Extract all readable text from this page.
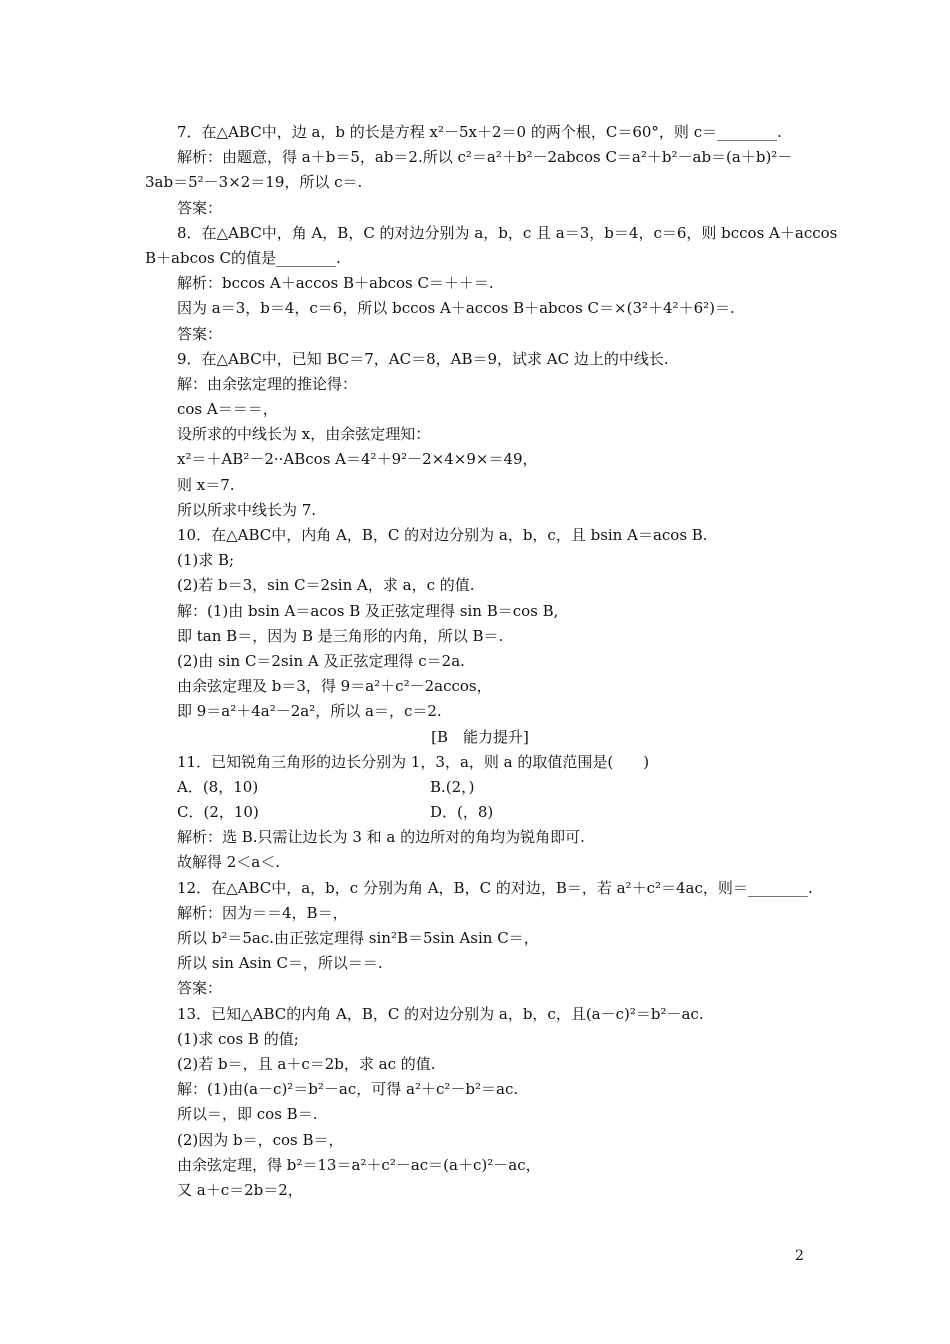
7．在△ABC中，边 a，b 的长是方程 x²－5x＋2＝0 的两个根，C＝60°，则 c＝________.
解析：由题意，得 a＋b＝5，ab＝2.所以 c²＝a²＋b²－2abcos C＝a²＋b²－ab＝(a＋b)²－
3ab＝5²－3×2＝19，所以 c＝.
答案：
8．在△ABC中，角 A，B，C 的对边分别为 a，b，c 且 a＝3，b＝4，c＝6，则 bccos A＋accos
B＋abcos C的值是________.
解析：bccos A＋accos B＋abcos C＝＋＋＝.
因为 a＝3，b＝4，c＝6，所以 bccos A＋accos B＋abcos C＝×(3²＋4²＋6²)＝.
答案：
9．在△ABC中，已知 BC＝7，AC＝8，AB＝9，试求 AC 边上的中线长.
解：由余弦定理的推论得：
cos A＝＝＝，
设所求的中线长为 x，由余弦定理知：
x²＝＋AB²－2··ABcos A＝4²＋9²－2×4×9×＝49，
则 x＝7.
所以所求中线长为 7.
10．在△ABC中，内角 A，B，C 的对边分别为 a，b，c，且 bsin A＝acos B.
(1)求 B;
(2)若 b＝3，sin C＝2sin A，求 a，c 的值.
解：(1)由 bsin A＝acos B 及正弦定理得 sin B＝cos B,
即 tan B＝，因为 B 是三角形的内角，所以 B＝.
(2)由 sin C＝2sin A 及正弦定理得 c＝2a.
由余弦定理及 b＝3，得 9＝a²＋c²－2accos，
即 9＝a²＋4a²－2a²，所以 a＝，c＝2.
[B　能力提升]
11．已知锐角三角形的边长分别为 1，3，a，则 a 的取值范围是(　　)
A．(8，10)	B.(2，)
C．(2，10)	D．(，8)
解析：选 B.只需让边长为 3 和 a 的边所对的角均为锐角即可.
故解得 2＜a＜.
12．在△ABC中，a，b，c 分别为角 A，B，C 的对边，B＝，若 a²＋c²＝4ac，则＝________.
解析：因为＝＝4，B＝，
所以 b²＝5ac.由正弦定理得 sin²B＝5sin Asin C＝，
所以 sin Asin C＝，所以＝＝.
答案：
13．已知△ABC的内角 A，B，C 的对边分别为 a，b，c，且(a－c)²＝b²－ac.
(1)求 cos B 的值;
(2)若 b＝，且 a＋c＝2b，求 ac 的值.
解：(1)由(a－c)²＝b²－ac，可得 a²＋c²－b²＝ac.
所以＝，即 cos B＝.
(2)因为 b＝，cos B＝，
由余弦定理，得 b²＝13＝a²＋c²－ac＝(a＋c)²－ac，
又 a＋c＝2b＝2，
2
